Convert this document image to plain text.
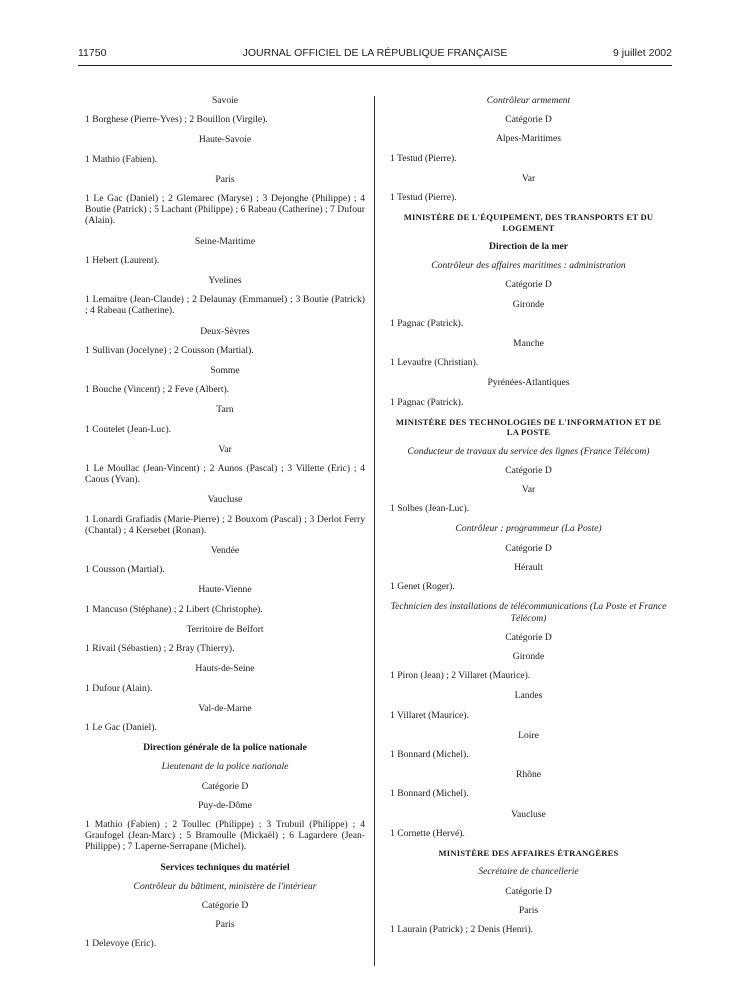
11750	JOURNAL OFFICIEL DE LA RÉPUBLIQUE FRANÇAISE	9 juillet 2002
Savoie
1 Borghese (Pierre-Yves) ; 2 Bouillon (Virgile).
Haute-Savoie
1 Mathio (Fabien).
Paris
1 Le Gac (Daniel) ; 2 Glemarec (Maryse) ; 3 Dejonghe (Philippe) ; 4 Boutie (Patrick) ; 5 Lachant (Philippe) ; 6 Rabeau (Catherine) ; 7 Dufour (Alain).
Seine-Maritime
1 Hebert (Laurent).
Yvelines
1 Lemaitre (Jean-Claude) ; 2 Delaunay (Emmanuel) ; 3 Boutie (Patrick) ; 4 Rabeau (Catherine).
Deux-Sèvres
1 Sullivan (Jocelyne) ; 2 Cousson (Martial).
Somme
1 Bouche (Vincent) ; 2 Feve (Albert).
Tarn
1 Coutelet (Jean-Luc).
Var
1 Le Moullac (Jean-Vincent) ; 2 Aunos (Pascal) ; 3 Villette (Eric) ; 4 Caous (Yvan).
Vaucluse
1 Lonardi Grafiadis (Marie-Pierre) ; 2 Bouxom (Pascal) ; 3 Derlot Ferry (Chantal) ; 4 Kersebet (Ronan).
Vendée
1 Cousson (Martial).
Haute-Vienne
1 Mancuso (Stéphane) ; 2 Libert (Christophe).
Territoire de Belfort
1 Rivail (Sébastien) ; 2 Bray (Thierry).
Hauts-de-Seine
1 Dufour (Alain).
Val-de-Marne
1 Le Gac (Daniel).
Direction générale de la police nationale
Lieutenant de la police nationale
Catégorie D
Puy-de-Dôme
1 Mathio (Fabien) ; 2 Toullec (Philippe) ; 3 Trubuil (Philippe) ; 4 Graufogel (Jean-Marc) ; 5 Bramoulle (Mickaël) ; 6 Lagardere (Jean-Philippe) ; 7 Laperne-Serrapane (Michel).
Services techniques du matériel
Contrôleur du bâtiment, ministère de l'intérieur
Catégorie D
Paris
1 Delevoye (Eric).
Contrôleur armement
Catégorie D
Alpes-Maritimes
1 Testud (Pierre).
Var
1 Testud (Pierre).
MINISTÈRE DE L'ÉQUIPEMENT, DES TRANSPORTS ET DU LOGEMENT
Direction de la mer
Contrôleur des affaires maritimes : administration
Catégorie D
Gironde
1 Pagnac (Patrick).
Manche
1 Levaufre (Christian).
Pyrénées-Atlantiques
1 Pagnac (Patrick).
MINISTÈRE DES TECHNOLOGIES DE L'INFORMATION ET DE LA POSTE
Conducteur de travaux du service des lignes (France Télécom)
Catégorie D
Var
1 Solbes (Jean-Luc).
Contrôleur : programmeur (La Poste)
Catégorie D
Hérault
1 Genet (Roger).
Technicien des installations de télécommunications (La Poste et France Télécom)
Catégorie D
Gironde
1 Piron (Jean) ; 2 Villaret (Maurice).
Landes
1 Villaret (Maurice).
Loire
1 Bonnard (Michel).
Rhône
1 Bonnard (Michel).
Vaucluse
1 Cornette (Hervé).
MINISTÈRE DES AFFAIRES ÉTRANGÈRES
Secrétaire de chancellerie
Catégorie D
Paris
1 Laurain (Patrick) ; 2 Denis (Henri).
